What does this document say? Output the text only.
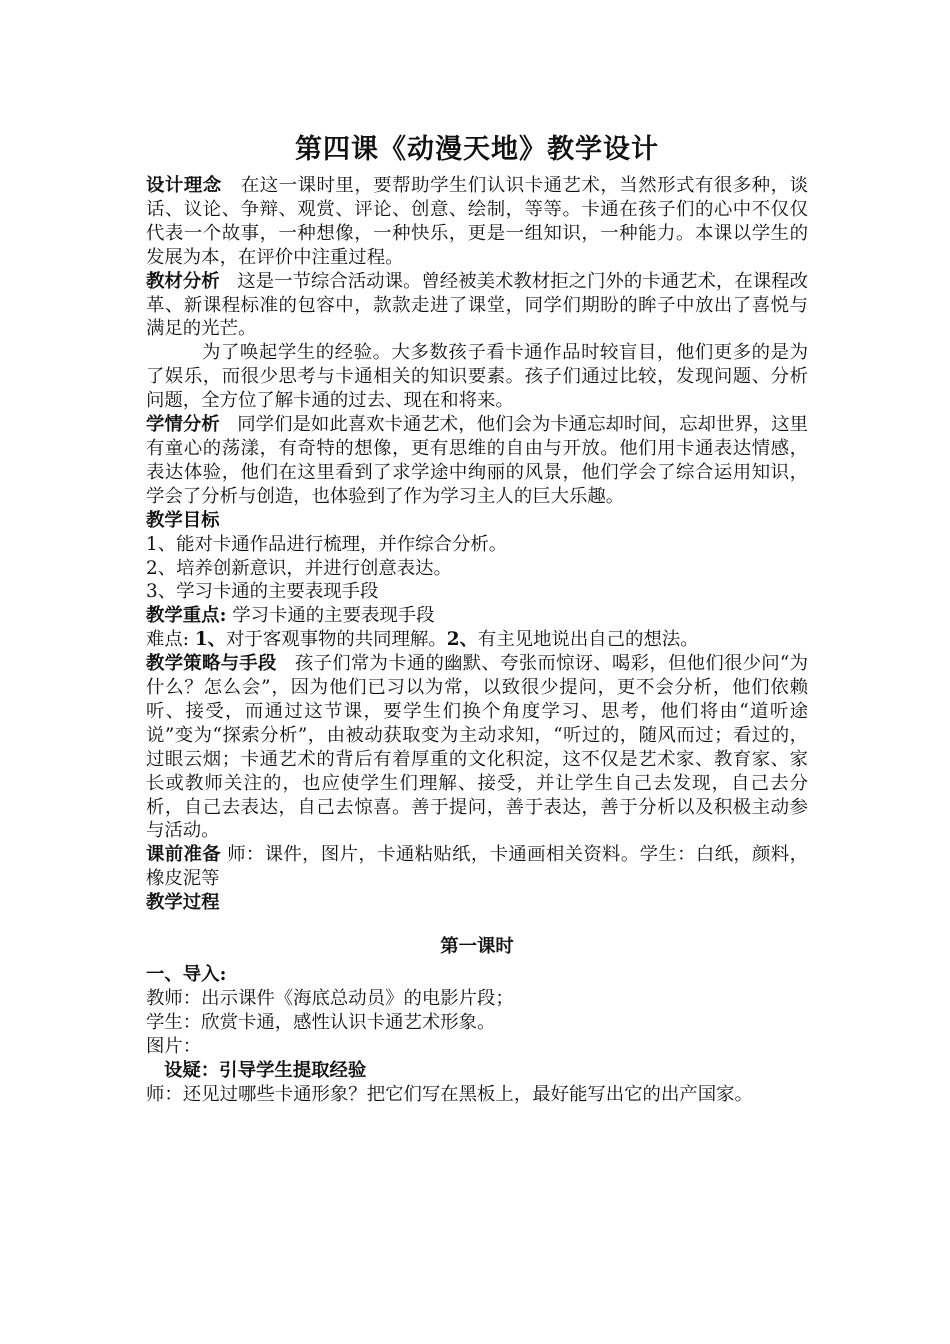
第四课《动漫天地》教学设计

设计理念 在这一课时里，要帮助学生们认识卡通艺术，当然形式有很多种，谈话、议论、争辩、观赏、评论、创意、绘制，等等。卡通在孩子们的心中不仅仅代表一个故事，一种想像，一种快乐，更是一组知识，一种能力。本课以学生的发展为本，在评价中注重过程。

教材分析 这是一节综合活动课。曾经被美术教材拒之门外的卡通艺术，在课程改革、新课程标准的包容中，款款走进了课堂，同学们期盼的眸子中放出了喜悦与满足的光芒。

为了唤起学生的经验。大多数孩子看卡通作品时较盲目，他们更多的是为了娱乐，而很少思考与卡通相关的知识要素。孩子们通过比较，发现问题、分析问题，全方位了解卡通的过去、现在和将来。

学情分析 同学们是如此喜欢卡通艺术，他们会为卡通忘却时间，忘却世界，这里有童心的荡漾，有奇特的想像，更有思维的自由与开放。他们用卡通表达情感，表达体验，他们在这里看到了求学途中绚丽的风景，他们学会了综合运用知识，学会了分析与创造，也体验到了作为学习主人的巨大乐趣。

教学目标

1、能对卡通作品进行梳理，并作综合分析。

2、培养创新意识，并进行创意表达。

3、学习卡通的主要表现手段

教学重点: 学习卡通的主要表现手段

难点: 1、对于客观事物的共同理解。2、有主见地说出自己的想法。

教学策略与手段 孩子们常为卡通的幽默、夸张而惊讶、喝彩，但他们很少问“为什么？怎么会”，因为他们已习以为常，以致很少提问，更不会分析，他们依赖听、接受，而通过这节课，要学生们换个角度学习、思考，他们将由“道听途说”变为“探索分析”，由被动获取变为主动求知，“听过的，随风而过；看过的，过眼云烟；卡通艺术的背后有着厚重的文化积淀，这不仅是艺术家、教育家、家长或教师关注的，也应使学生们理解、接受，并让学生自己去发现，自己去分析，自己去表达，自己去惊喜。善于提问，善于表达，善于分析以及积极主动参与活动。

课前准备 师：课件，图片，卡通粘贴纸，卡通画相关资料。学生：白纸，颜料，橡皮泥等

教学过程

第一课时

一、导入:

教师：出示课件《海底总动员》的电影片段；

学生：欣赏卡通，感性认识卡通艺术形象。

图片：

设疑：引导学生提取经验

师：还见过哪些卡通形象？把它们写在黑板上，最好能写出它的出产国家。
